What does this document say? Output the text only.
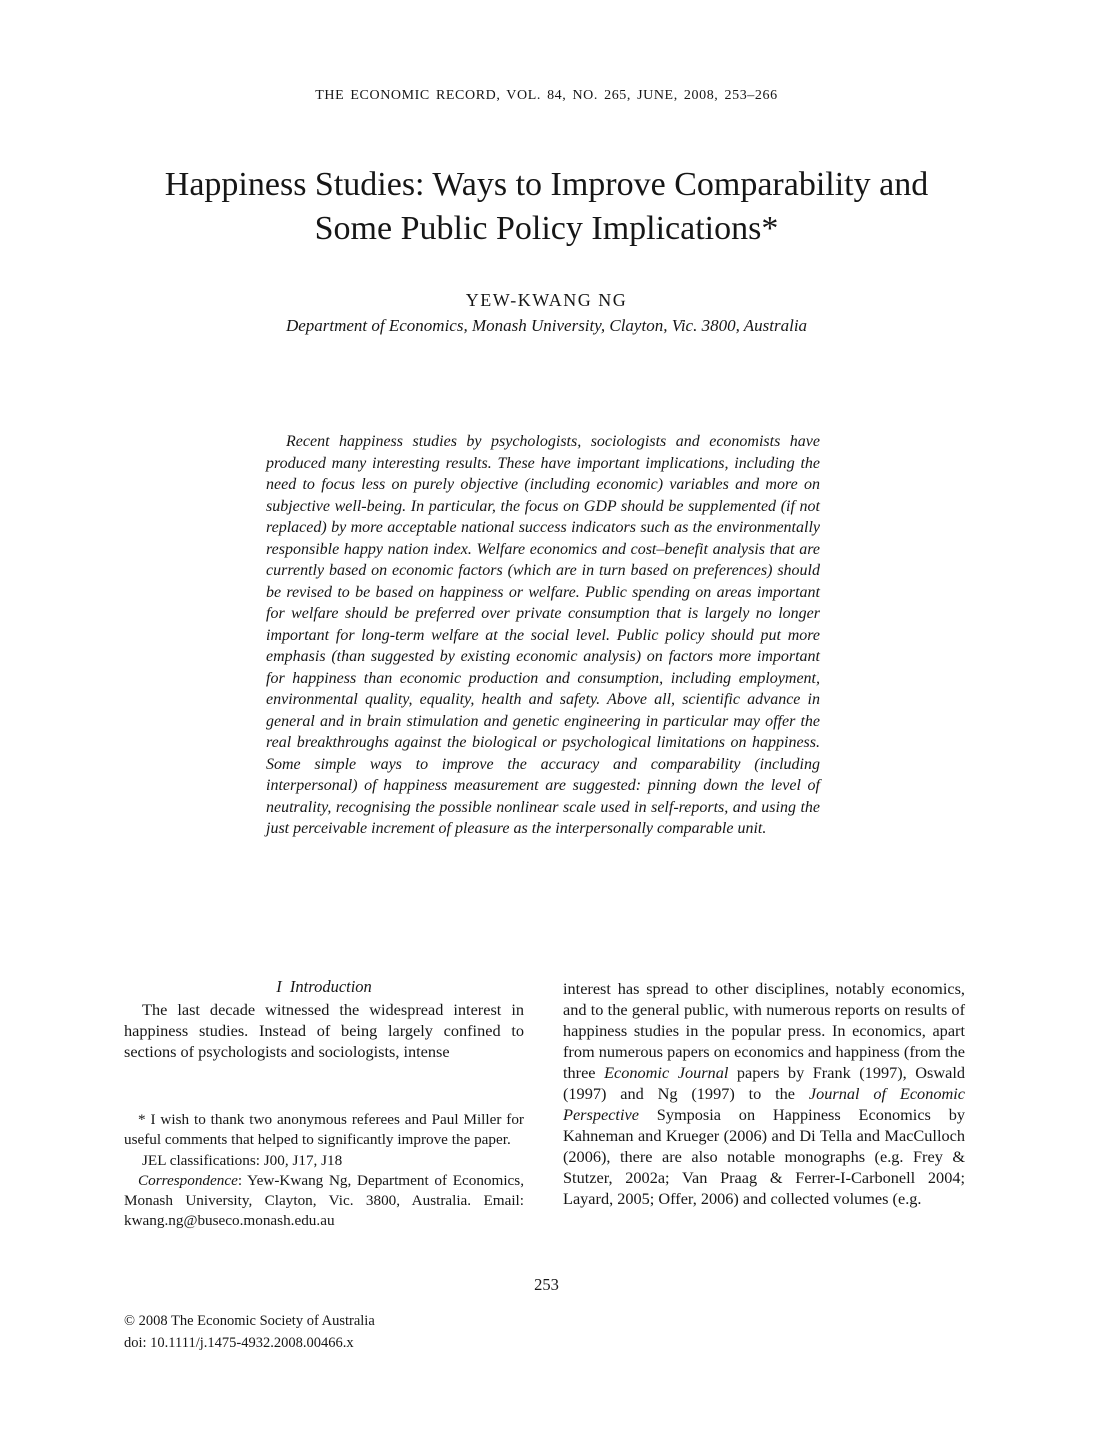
THE ECONOMIC RECORD, VOL. 84, NO. 265, JUNE, 2008, 253–266
Happiness Studies: Ways to Improve Comparability and
Some Public Policy Implications*
YEW-KWANG NG
Department of Economics, Monash University, Clayton, Vic. 3800, Australia
Recent happiness studies by psychologists, sociologists and economists have produced many interesting results. These have important implications, including the need to focus less on purely objective (including economic) variables and more on subjective well-being. In particular, the focus on GDP should be supplemented (if not replaced) by more acceptable national success indicators such as the environmentally responsible happy nation index. Welfare economics and cost–benefit analysis that are currently based on economic factors (which are in turn based on preferences) should be revised to be based on happiness or welfare. Public spending on areas important for welfare should be preferred over private consumption that is largely no longer important for long-term welfare at the social level. Public policy should put more emphasis (than suggested by existing economic analysis) on factors more important for happiness than economic production and consumption, including employment, environmental quality, equality, health and safety. Above all, scientific advance in general and in brain stimulation and genetic engineering in particular may offer the real breakthroughs against the biological or psychological limitations on happiness. Some simple ways to improve the accuracy and comparability (including interpersonal) of happiness measurement are suggested: pinning down the level of neutrality, recognising the possible nonlinear scale used in self-reports, and using the just perceivable increment of pleasure as the interpersonally comparable unit.
I Introduction

The last decade witnessed the widespread interest in happiness studies. Instead of being largely confined to sections of psychologists and sociologists, intense

interest has spread to other disciplines, notably economics, and to the general public, with numerous reports on results of happiness studies in the popular press. In economics, apart from numerous papers on economics and happiness (from the three Economic Journal papers by Frank (1997), Oswald (1997) and Ng (1997) to the Journal of Economic Perspective Symposia on Happiness Economics by Kahneman and Krueger (2006) and Di Tella and MacCulloch (2006), there are also notable monographs (e.g. Frey & Stutzer, 2002a; Van Praag & Ferrer-I-Carbonell 2004; Layard, 2005; Offer, 2006) and collected volumes (e.g.

* I wish to thank two anonymous referees and Paul Miller for useful comments that helped to significantly improve the paper.

JEL classifications: J00, J17, J18

Correspondence: Yew-Kwang Ng, Department of Economics, Monash University, Clayton, Vic. 3800, Australia. Email: kwang.ng@buseco.monash.edu.au

253
© 2008 The Economic Society of Australia
doi: 10.1111/j.1475-4932.2008.00466.x
